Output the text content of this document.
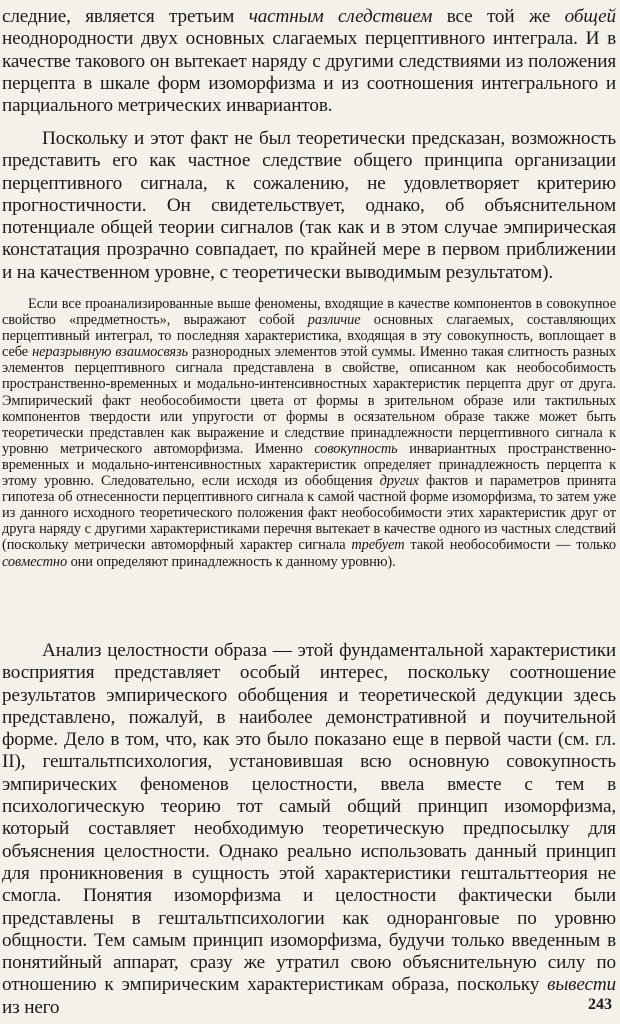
следние, является третьим частным следствием все той же общей неоднородности двух основных слагаемых перцептивного интеграла. И в качестве такового он вытекает наряду с другими следствиями из положения перцепта в шкале форм изоморфизма и из соотношения интегрального и парциального метрических инвариантов.

Поскольку и этот факт не был теоретически предсказан, возможность представить его как частное следствие общего принципа организации перцептивного сигнала, к сожалению, не удовлетворяет критерию прогностичности. Он свидетельствует, однако, об объяснительном потенциале общей теории сигналов (так как и в этом случае эмпирическая констатация прозрачно совпадает, по крайней мере в первом приближении и на качественном уровне, с теоретически выводимым результатом).

Если все проанализированные выше феномены, входящие в качестве компонентов в совокупное свойство «предметность», выражают собой различие основных слагаемых, составляющих перцептивный интеграл, то последняя характеристика, входящая в эту совокупность, воплощает в себе неразрывную взаимосвязь разнородных элементов этой суммы. Именно такая слитность разных элементов перцептивного сигнала представлена в свойстве, описанном как необособимость пространственно-временных и модально-интенсивностных характеристик перцепта друг от друга. Эмпирический факт необособимости цвета от формы в зрительном образе или тактильных компонентов твердости или упругости от формы в осязательном образе также может быть теоретически представлен как выражение и следствие принадлежности перцептивного сигнала к уровню метрического автоморфизма. Именно совокупность инвариантных пространственно-временных и модально-интенсивностных характеристик определяет принадлежность перцепта к этому уровню. Следовательно, если исходя из обобщения других фактов и параметров принята гипотеза об отнесенности перцептивного сигнала к самой частной форме изоморфизма, то затем уже из данного исходного теоретического положения факт необособимости этих характеристик друг от друга наряду с другими характеристиками перечня вытекает в качестве одного из частных следствий (поскольку метрически автоморфный характер сигнала требует такой необособимости — только совместно они определяют принадлежность к данному уровню).

Анализ целостности образа — этой фундаментальной характеристики восприятия представляет особый интерес, поскольку соотношение результатов эмпирического обобщения и теоретической дедукции здесь представлено, пожалуй, в наиболее демонстративной и поучительной форме. Дело в том, что, как это было показано еще в первой части (см. гл. II), гештальтпсихология, установившая всю основную совокупность эмпирических феноменов целостности, ввела вместе с тем в психологическую теорию тот самый общий принцип изоморфизма, который составляет необходимую теоретическую предпосылку для объяснения целостности. Однако реально использовать данный принцип для проникновения в сущность этой характеристики гештальттеория не смогла. Понятия изоморфизма и целостности фактически были представлены в гештальтпсихологии как одноранговые по уровню общности. Тем самым принцип изоморфизма, будучи только введенным в понятийный аппарат, сразу же утратил свою объяснительную силу по отношению к эмпирическим характеристикам образа, поскольку вывести из него	243
